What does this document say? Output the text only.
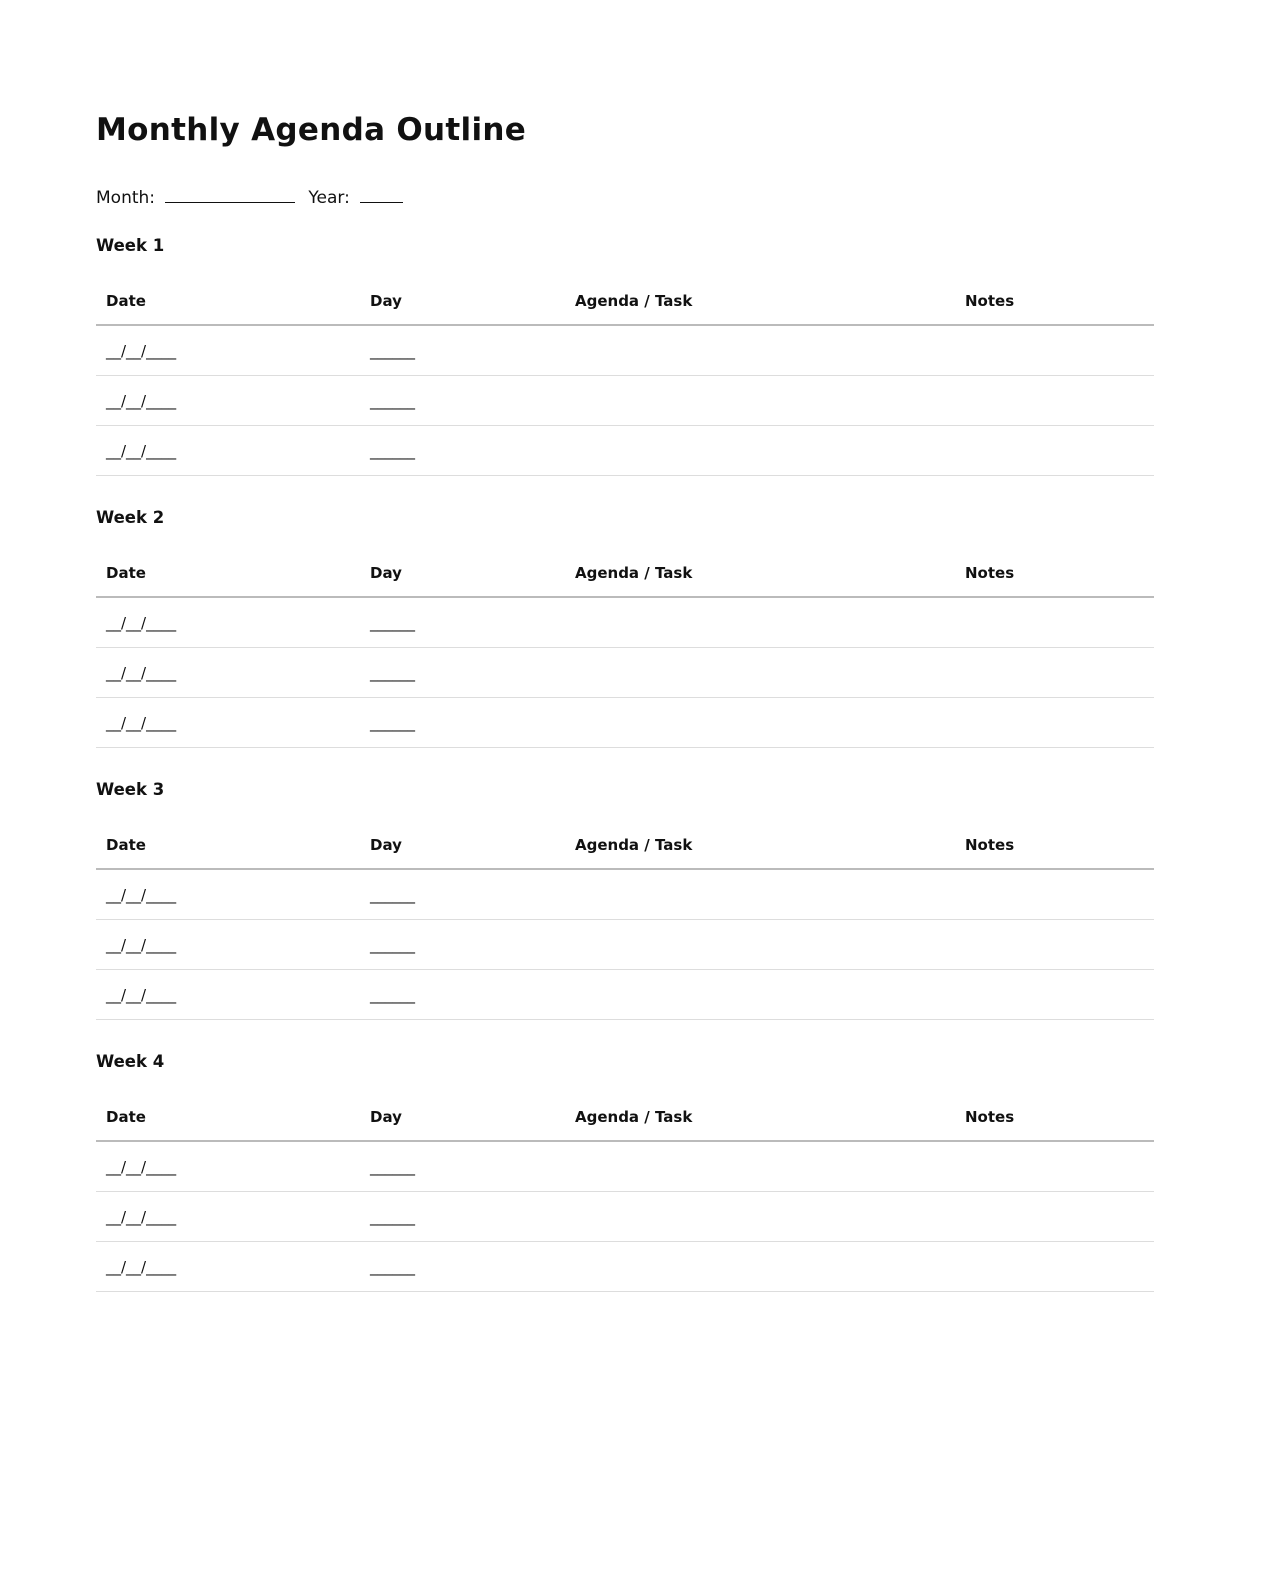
Monthly Agenda Outline
Month:	Year:
Week 1
Date	Day	Agenda / Task	Notes
__/__/____	______		
__/__/____	______		
__/__/____	______		
Week 2
Date	Day	Agenda / Task	Notes
__/__/____	______		
__/__/____	______		
__/__/____	______		
Week 3
Date	Day	Agenda / Task	Notes
__/__/____	______		
__/__/____	______		
__/__/____	______		
Week 4
Date	Day	Agenda / Task	Notes
__/__/____	______		
__/__/____	______		
__/__/____	______		
